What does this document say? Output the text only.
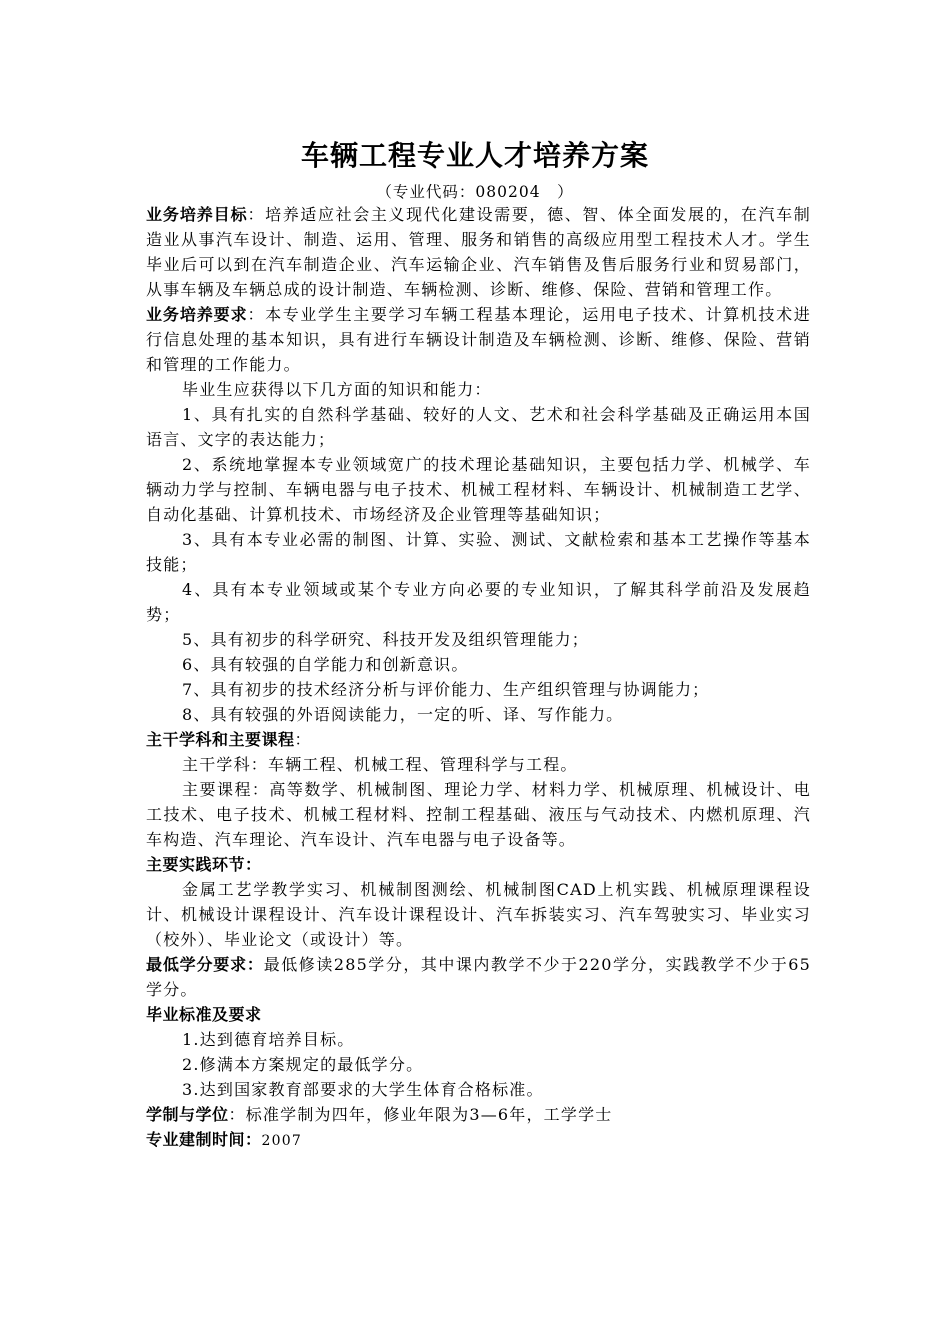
车辆工程专业人才培养方案
（专业代码：080204　）

业务培养目标：培养适应社会主义现代化建设需要，德、智、体全面发展的，在汽车制造业从事汽车设计、制造、运用、管理、服务和销售的高级应用型工程技术人才。学生毕业后可以到在汽车制造企业、汽车运输企业、汽车销售及售后服务行业和贸易部门，从事车辆及车辆总成的设计制造、车辆检测、诊断、维修、保险、营销和管理工作。

业务培养要求：本专业学生主要学习车辆工程基本理论，运用电子技术、计算机技术进行信息处理的基本知识，具有进行车辆设计制造及车辆检测、诊断、维修、保险、营销和管理的工作能力。

毕业生应获得以下几方面的知识和能力：

1、具有扎实的自然科学基础、较好的人文、艺术和社会科学基础及正确运用本国语言、文字的表达能力；

2、系统地掌握本专业领域宽广的技术理论基础知识，主要包括力学、机械学、车辆动力学与控制、车辆电器与电子技术、机械工程材料、车辆设计、机械制造工艺学、自动化基础、计算机技术、市场经济及企业管理等基础知识；

3、具有本专业必需的制图、计算、实验、测试、文献检索和基本工艺操作等基本技能；

4、具有本专业领域或某个专业方向必要的专业知识，了解其科学前沿及发展趋势；

5、具有初步的科学研究、科技开发及组织管理能力；

6、具有较强的自学能力和创新意识。

7、具有初步的技术经济分析与评价能力、生产组织管理与协调能力；

8、具有较强的外语阅读能力，一定的听、译、写作能力。

主干学科和主要课程：

主干学科：车辆工程、机械工程、管理科学与工程。

主要课程：高等数学、机械制图、理论力学、材料力学、机械原理、机械设计、电工技术、电子技术、机械工程材料、控制工程基础、液压与气动技术、内燃机原理、汽车构造、汽车理论、汽车设计、汽车电器与电子设备等。

主要实践环节：

金属工艺学教学实习、机械制图测绘、机械制图CAD上机实践、机械原理课程设计、机械设计课程设计、汽车设计课程设计、汽车拆装实习、汽车驾驶实习、毕业实习（校外）、毕业论文（或设计）等。

最低学分要求：最低修读285学分，其中课内教学不少于220学分，实践教学不少于65学分。

毕业标准及要求

1.达到德育培养目标。

2.修满本方案规定的最低学分。

3.达到国家教育部要求的大学生体育合格标准。

学制与学位：标准学制为四年，修业年限为3—6年，工学学士

专业建制时间：2007
